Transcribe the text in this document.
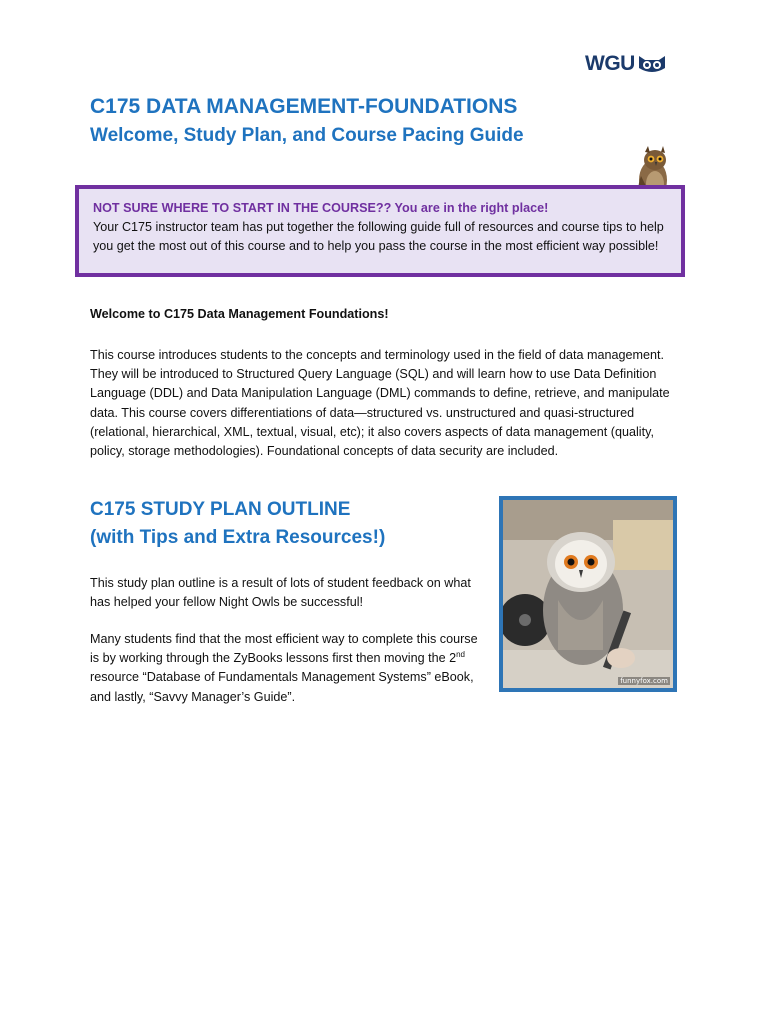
WGU
C175 DATA MANAGEMENT-FOUNDATIONS
Welcome, Study Plan, and Course Pacing Guide
NOT SURE WHERE TO START IN THE COURSE?? You are in the right place!
Your C175 instructor team has put together the following guide full of resources and course tips to help you get the most out of this course and to help you pass the course in the most efficient way possible!

Welcome to C175 Data Management Foundations!

This course introduces students to the concepts and terminology used in the field of data management. They will be introduced to Structured Query Language (SQL) and will learn how to use Data Definition Language (DDL) and Data Manipulation Language (DML) commands to define, retrieve, and manipulate data. This course covers differentiations of data—structured vs. unstructured and quasi-structured (relational, hierarchical, XML, textual, visual, etc); it also covers aspects of data management (quality, policy, storage methodologies). Foundational concepts of data security are included.

C175 STUDY PLAN OUTLINE
(with Tips and Extra Resources!)

This study plan outline is a result of lots of student feedback on what has helped your fellow Night Owls be successful!

Many students find that the most efficient way to complete this course is by working through the ZyBooks lessons first then moving the 2nd resource “Database of Fundamentals Management Systems” eBook, and lastly, “Savvy Manager’s Guide”.

funnyfox.com
